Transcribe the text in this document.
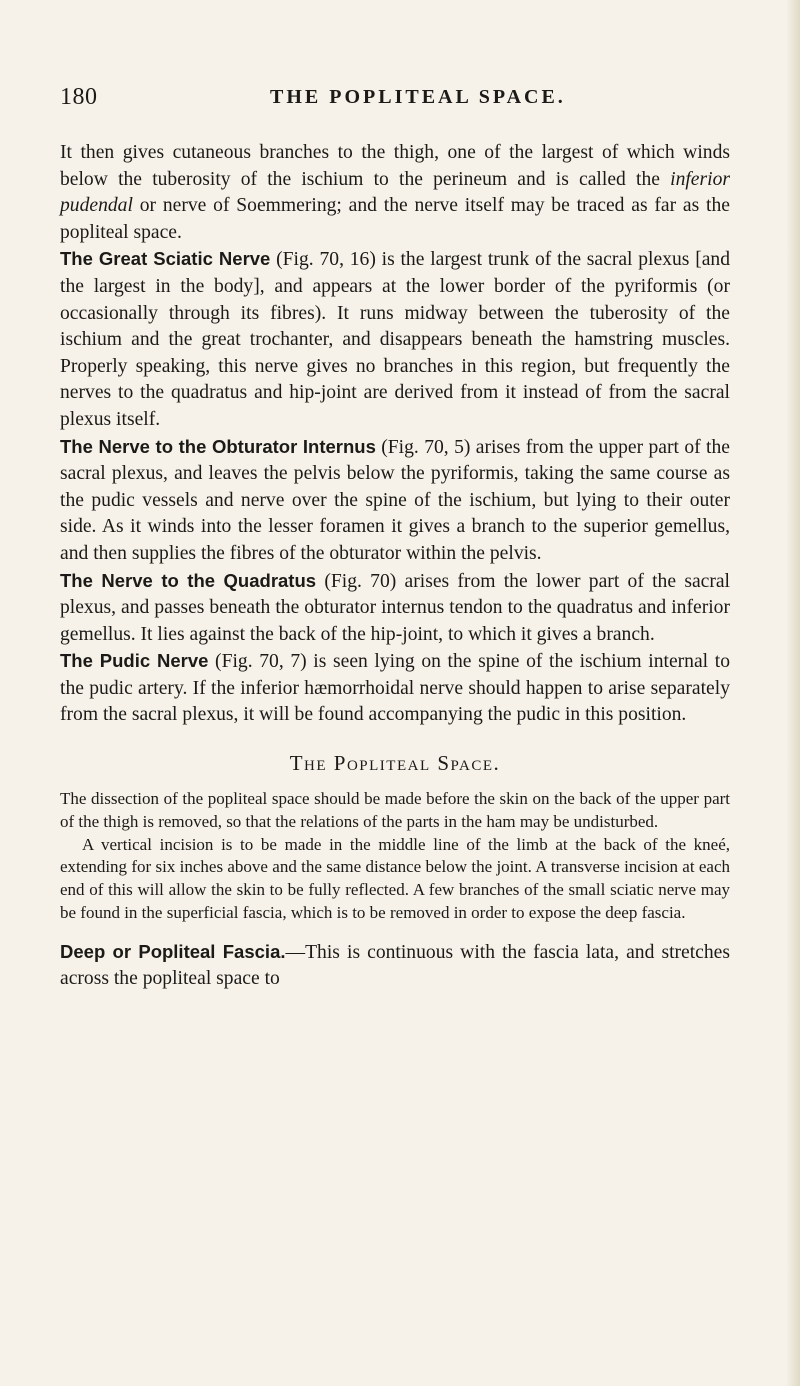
180	THE POPLITEAL SPACE.

It then gives cutaneous branches to the thigh, one of the largest of which winds below the tuberosity of the ischium to the perineum and is called the inferior pudendal or nerve of Soemmering; and the nerve itself may be traced as far as the popliteal space.

The Great Sciatic Nerve (Fig. 70, 16) is the largest trunk of the sacral plexus [and the largest in the body], and appears at the lower border of the pyriformis (or occasionally through its fibres). It runs midway between the tuberosity of the ischium and the great trochanter, and disappears beneath the hamstring muscles. Properly speaking, this nerve gives no branches in this region, but frequently the nerves to the quadratus and hip-joint are derived from it instead of from the sacral plexus itself.

The Nerve to the Obturator Internus (Fig. 70, 5) arises from the upper part of the sacral plexus, and leaves the pelvis below the pyriformis, taking the same course as the pudic vessels and nerve over the spine of the ischium, but lying to their outer side. As it winds into the lesser foramen it gives a branch to the superior gemellus, and then supplies the fibres of the obturator within the pelvis.

The Nerve to the Quadratus (Fig. 70) arises from the lower part of the sacral plexus, and passes beneath the obturator internus tendon to the quadratus and inferior gemellus. It lies against the back of the hip-joint, to which it gives a branch.

The Pudic Nerve (Fig. 70, 7) is seen lying on the spine of the ischium internal to the pudic artery. If the inferior hæmorrhoidal nerve should happen to arise separately from the sacral plexus, it will be found accompanying the pudic in this position.

The Popliteal Space.

The dissection of the popliteal space should be made before the skin on the back of the upper part of the thigh is removed, so that the relations of the parts in the ham may be undisturbed.

A vertical incision is to be made in the middle line of the limb at the back of the kneé, extending for six inches above and the same distance below the joint. A transverse incision at each end of this will allow the skin to be fully reflected. A few branches of the small sciatic nerve may be found in the superficial fascia, which is to be removed in order to expose the deep fascia.

Deep or Popliteal Fascia.—This is continuous with the fascia lata, and stretches across the popliteal space to
